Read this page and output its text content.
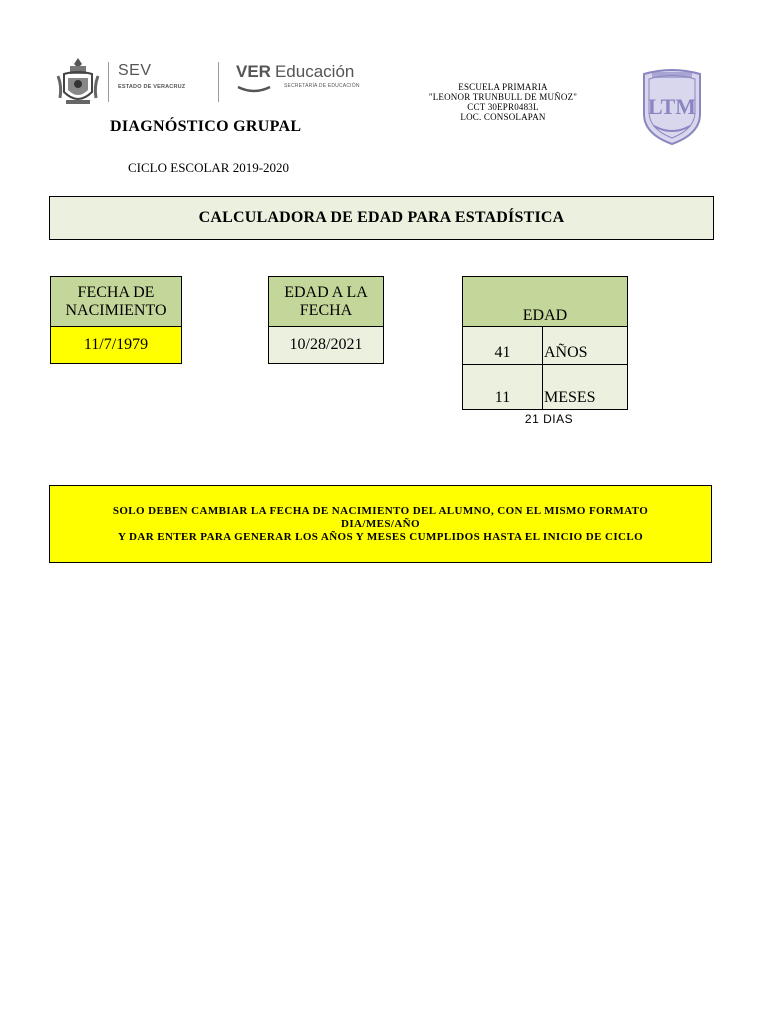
SEV
ESTADO DE VERACRUZ
VER Educación
SECRETARÍA DE EDUCACIÓN	ESCUELA PRIMARIA
"LEONOR TRUNBULL DE MUÑOZ"
CCT 30EPR0483L
LOC. CONSOLAPAN	LTM
DIAGNÓSTICO GRUPAL
CICLO ESCOLAR 2019-2020
CALCULADORA DE EDAD PARA ESTADÍSTICA
FECHA DE NACIMIENTO
11/7/1979
EDAD A LA FECHA
10/28/2021
EDAD
41	AÑOS
11	MESES
21 DIAS
SOLO DEBEN CAMBIAR LA FECHA DE NACIMIENTO DEL ALUMNO, CON EL MISMO FORMATO
DIA/MES/AÑO
Y DAR ENTER PARA GENERAR LOS AÑOS Y MESES CUMPLIDOS HASTA EL INICIO DE CICLO
